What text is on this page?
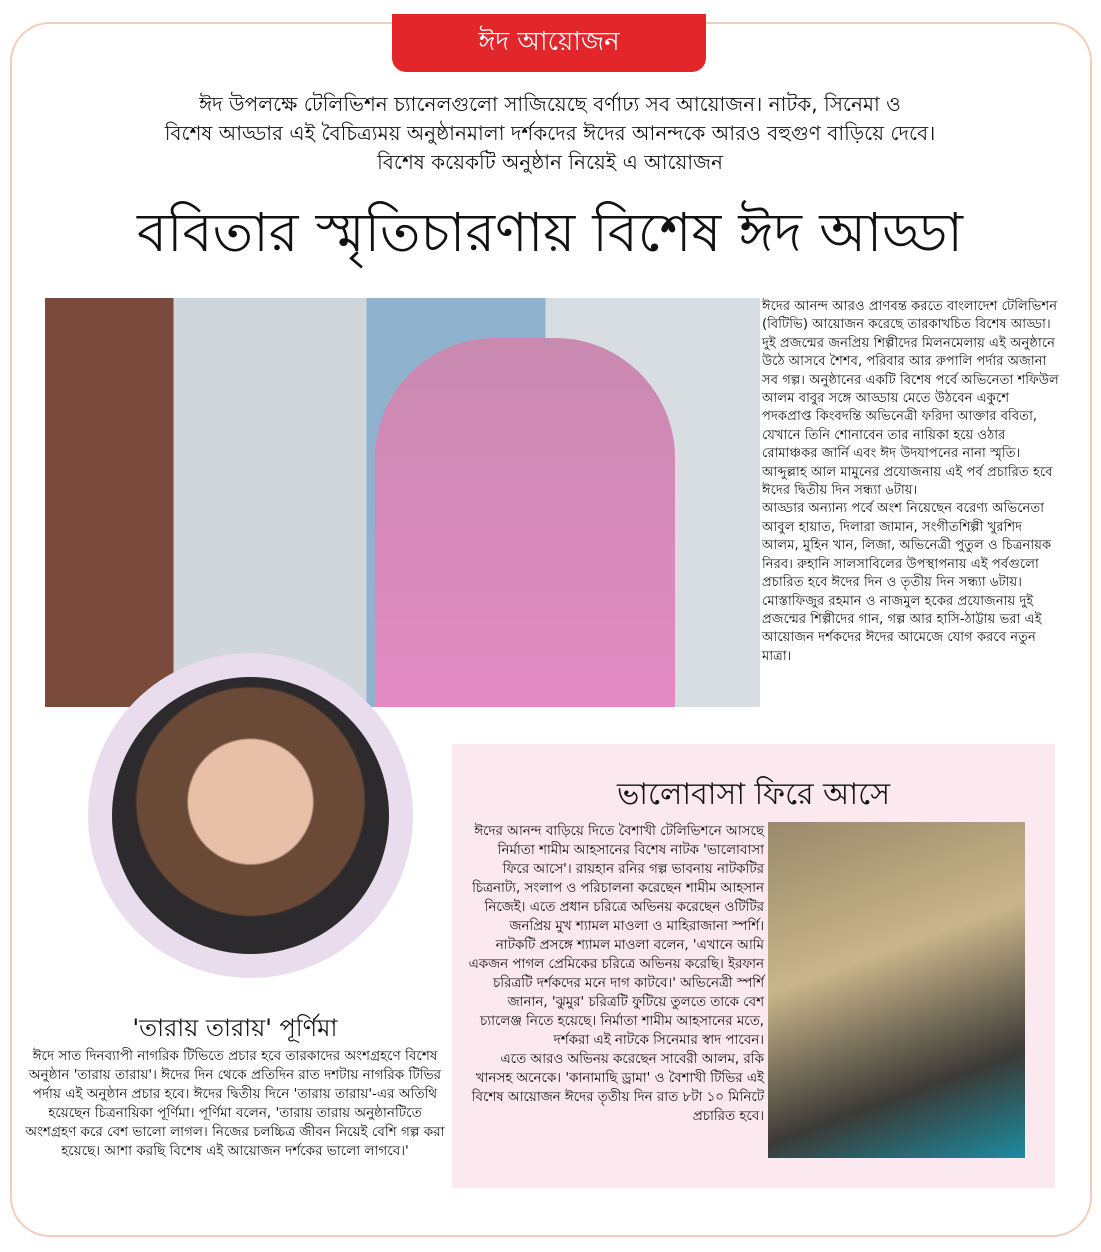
ঈদ আয়োজন
ঈদ উপলক্ষে টেলিভিশন চ্যানেলগুলো সাজিয়েছে বর্ণাঢ্য সব আয়োজন। নাটক, সিনেমা ও
বিশেষ আড্ডার এই বৈচিত্র্যময় অনুষ্ঠানমালা দর্শকদের ঈদের আনন্দকে আরও বহুগুণ বাড়িয়ে দেবে।
বিশেষ কয়েকটি অনুষ্ঠান নিয়েই এ আয়োজন
ববিতার স্মৃতিচারণায় বিশেষ ঈদ আড্ডা
ঈদের আনন্দ আরও প্রাণবন্ত করতে বাংলাদেশ টেলিভিশন (বিটিভি) আয়োজন করেছে তারকাখচিত বিশেষ আড্ডা। দুই প্রজন্মের জনপ্রিয় শিল্পীদের মিলনমেলায় এই অনুষ্ঠানে উঠে আসবে শৈশব, পরিবার আর রুপালি পর্দার অজানা সব গল্প। অনুষ্ঠানের একটি বিশেষ পর্বে অভিনেতা শফিউল আলম বাবুর সঙ্গে আড্ডায় মেতে উঠবেন একুশে পদকপ্রাপ্ত কিংবদন্তি অভিনেত্রী ফরিদা আক্তার ববিতা, যেখানে তিনি শোনাবেন তার নায়িকা হয়ে ওঠার রোমাঞ্চকর জার্নি এবং ঈদ উদযাপনের নানা স্মৃতি। আব্দুল্লাহ আল মামুনের প্রযোজনায় এই পর্ব প্রচারিত হবে ঈদের দ্বিতীয় দিন সন্ধ্যা ৬টায়।
আড্ডার অন্যান্য পর্বে অংশ নিয়েছেন বরেণ্য অভিনেতা আবুল হায়াত, দিলারা জামান, সংগীতশিল্পী খুরশিদ আলম, মুহিন খান, লিজা, অভিনেত্রী পুতুল ও চিত্রনায়ক নিরব। রুহানি সালসাবিলের উপস্থাপনায় এই পর্বগুলো প্রচারিত হবে ঈদের দিন ও তৃতীয় দিন সন্ধ্যা ৬টায়। মোস্তাফিজুর রহমান ও নাজমুল হকের প্রযোজনায় দুই প্রজন্মের শিল্পীদের গান, গল্প আর হাসি-ঠাট্টায় ভরা এই আয়োজন দর্শকদের ঈদের আমেজে যোগ করবে নতুন মাত্রা।
'তারায় তারায়' পূর্ণিমা
ঈদে সাত দিনব্যাপী নাগরিক টিভিতে প্রচার হবে তারকাদের অংশগ্রহণে বিশেষ অনুষ্ঠান 'তারায় তারায়'। ঈদের দিন থেকে প্রতিদিন রাত দশটায় নাগরিক টিভির পর্দায় এই অনুষ্ঠান প্রচার হবে। ঈদের দ্বিতীয় দিনে 'তারায় তারায়'-এর অতিথি হয়েছেন চিত্রনায়িকা পূর্ণিমা। পূর্ণিমা বলেন, 'তারায় তারায় অনুষ্ঠানটিতে অংশগ্রহণ করে বেশ ভালো লাগল। নিজের চলচ্চিত্র জীবন নিয়েই বেশি গল্প করা হয়েছে। আশা করছি বিশেষ এই আয়োজন দর্শকের ভালো লাগবে।'
ভালোবাসা ফিরে আসে
ঈদের আনন্দ বাড়িয়ে দিতে বৈশাখী টেলিভিশনে আসছে নির্মাতা শামীম আহসানের বিশেষ নাটক 'ভালোবাসা ফিরে আসে'। রায়হান রনির গল্প ভাবনায় নাটকটির চিত্রনাট্য, সংলাপ ও পরিচালনা করেছেন শামীম আহসান নিজেই। এতে প্রধান চরিত্রে অভিনয় করেছেন ওটিটির জনপ্রিয় মুখ শ্যামল মাওলা ও মাহিরাজানা স্পর্শি। নাটকটি প্রসঙ্গে শ্যামল মাওলা বলেন, 'এখানে আমি একজন পাগল প্রেমিকের চরিত্রে অভিনয় করেছি। ইরফান চরিত্রটি দর্শকদের মনে দাগ কাটবে।' অভিনেত্রী স্পর্শি জানান, 'ঝুমুর' চরিত্রটি ফুটিয়ে তুলতে তাকে বেশ চ্যালেঞ্জ নিতে হয়েছে। নির্মাতা শামীম আহসানের মতে, দর্শকরা এই নাটকে সিনেমার স্বাদ পাবেন।
এতে আরও অভিনয় করেছেন সাবেরী আলম, রকি খানসহ অনেকে। 'কানামাছি ড্রামা' ও বৈশাখী টিভির এই বিশেষ আয়োজন ঈদের তৃতীয় দিন রাত ৮টা ১০ মিনিটে প্রচারিত হবে।
